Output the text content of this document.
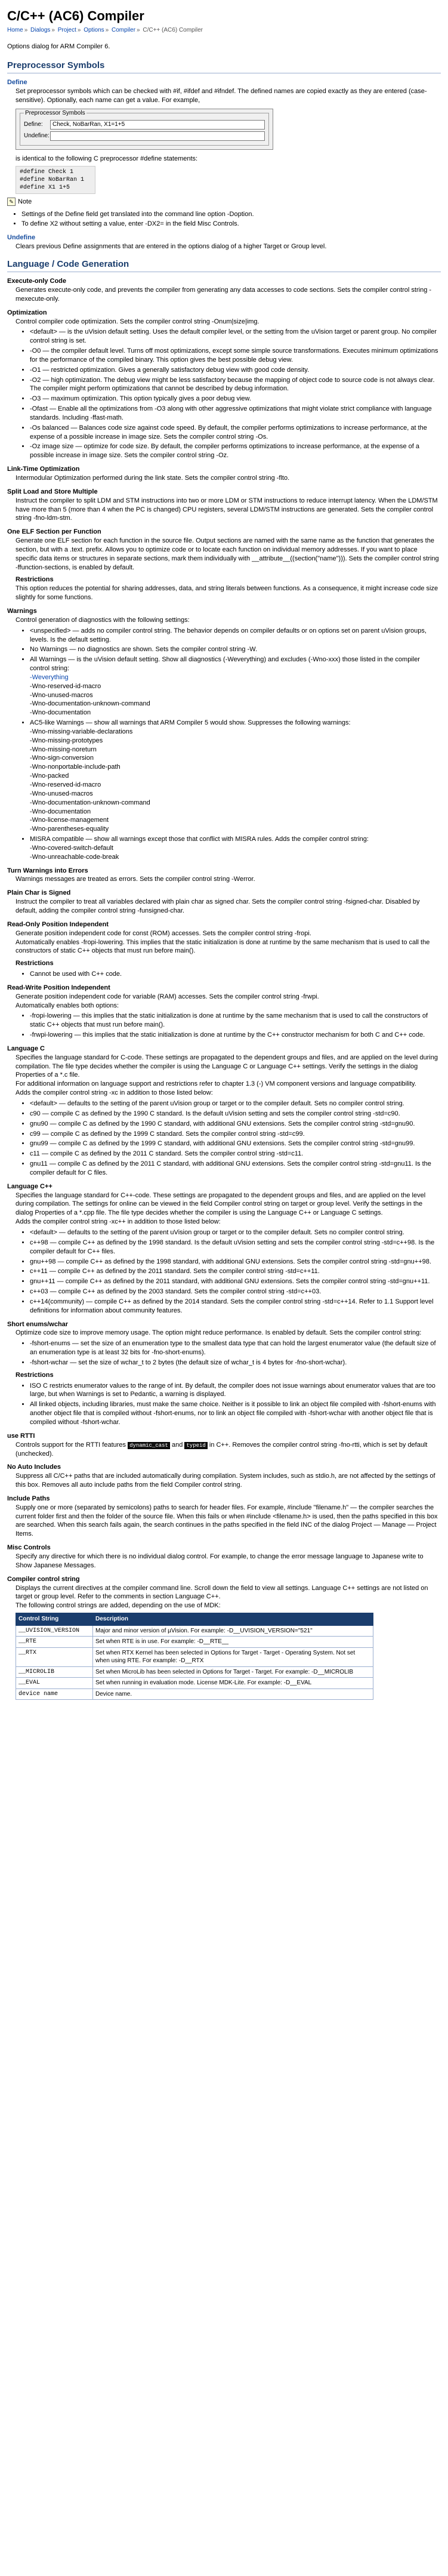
C/C++ (AC6) Compiler
Home » Dialogs » Project » Options » Compiler » C/C++ (AC6) Compiler

Options dialog for ARM Compiler 6.

Preprocessor Symbols
Define
Set preprocessor symbols which can be checked with #if, #ifdef and #ifndef. The defined names are copied exactly as they are entered (case-sensitive). Optionally, each name can get a value. For example,
Preprocessor Symbols
Define:	Check, NoBarRan, X1=1+5
Undefine:
is identical to the following C preprocessor #define statements:
#define Check 1
#define NoBarRan 1
#define X1 1+5
✎ Note
• Settings of the Define field get translated into the command line option -Doption.
• To define X2 without setting a value, enter -DX2= in the field Misc Controls.
Undefine
Clears previous Define assignments that are entered in the options dialog of a higher Target or Group level.
Language / Code Generation
Execute-only Code
Generates execute-only code, and prevents the compiler from generating any data accesses to code sections. Sets the compiler control string -mexecute-only.
Optimization
Control compiler code optimization. Sets the compiler control string -Onum|size|img.
• <default> — is the uVision default setting. Uses the default compiler level, or the setting from the uVision target or parent group. No compiler control string is set.
• -O0 — the compiler default level. Turns off most optimizations, except some simple source transformations. Executes minimum optimizations for the performance of the compiled binary. This option gives the best possible debug view.
• -O1 — restricted optimization. Gives a generally satisfactory debug view with good code density.
• -O2 — high optimization. The debug view might be less satisfactory because the mapping of object code to source code is not always clear. The compiler might perform optimizations that cannot be described by debug information.
• -O3 — maximum optimization. This option typically gives a poor debug view.
• -Ofast — Enable all the optimizations from -O3 along with other aggressive optimizations that might violate strict compliance with language standards. Including -ffast-math.
• -Os balanced — Balances code size against code speed. By default, the compiler performs optimizations to increase performance, at the expense of a possible increase in image size. Sets the compiler control string -Os.
• -Oz image size — optimize for code size. By default, the compiler performs optimizations to increase performance, at the expense of a possible increase in image size. Sets the compiler control string -Oz.
Link-Time Optimization
Intermodular Optimization performed during the link state. Sets the compiler control string -flto.
Split Load and Store Multiple
Instruct the compiler to split LDM and STM instructions into two or more LDM or STM instructions to reduce interrupt latency. When the LDM/STM have more than 5 (more than 4 when the PC is changed) CPU registers, several LDM/STM instructions are generated. Sets the compiler control string -fno-ldm-stm.
One ELF Section per Function
Generate one ELF section for each function in the source file. Output sections are named with the same name as the function that generates the section, but with a .text. prefix. Allows you to optimize code or to locate each function on individual memory addresses. If you want to place specific data items or structures in separate sections, mark them individually with __attribute__((section("name"))). Sets the compiler control string -ffunction-sections, is enabled by default.
Restrictions
This option reduces the potential for sharing addresses, data, and string literals between functions. As a consequence, it might increase code size slightly for some functions.
Warnings
Control generation of diagnostics with the following settings:
• <unspecified> — adds no compiler control string. The behavior depends on compiler defaults or on options set on parent uVision groups, levels. Is the default setting.
• No Warnings — no diagnostics are shown. Sets the compiler control string -W.
• All Warnings — is the uVision default setting. Show all diagnostics (-Weverything) and excludes (-Wno-xxx) those listed in the compiler control string:
-Weverything
-Wno-reserved-id-macro
-Wno-unused-macros
-Wno-documentation-unknown-command
-Wno-documentation
• AC5-like Warnings — show all warnings that ARM Compiler 5 would show. Suppresses the following warnings:
-Wno-missing-variable-declarations
-Wno-missing-prototypes
-Wno-missing-noreturn
-Wno-sign-conversion
-Wno-nonportable-include-path
-Wno-packed
-Wno-reserved-id-macro
-Wno-unused-macros
-Wno-documentation-unknown-command
-Wno-documentation
-Wno-license-management
-Wno-parentheses-equality
• MISRA compatible — show all warnings except those that conflict with MISRA rules. Adds the compiler control string:
-Wno-covered-switch-default
-Wno-unreachable-code-break
Turn Warnings into Errors
Warnings messages are treated as errors. Sets the compiler control string -Werror.
Plain Char is Signed
Instruct the compiler to treat all variables declared with plain char as signed char. Sets the compiler control string -fsigned-char. Disabled by default, adding the compiler control string -funsigned-char.
Read-Only Position Independent
Generate position independent code for const (ROM) accesses. Sets the compiler control string -fropi.
Automatically enables -fropi-lowering. This implies that the static initialization is done at runtime by the same mechanism that is used to call the constructors of static C++ objects that must run before main().
Restrictions
• Cannot be used with C++ code.
Read-Write Position Independent
Generate position independent code for variable (RAM) accesses. Sets the compiler control string -frwpi.
Automatically enables both options:
• -fropi-lowering — this implies that the static initialization is done at runtime by the same mechanism that is used to call the constructors of static C++ objects that must run before main().
• -frwpi-lowering — this implies that the static initialization is done at runtime by the C++ constructor mechanism for both C and C++ code.
Language C
Specifies the language standard for C-code. These settings are propagated to the dependent groups and files, and are applied on the level during compilation. The file type decides whether the compiler is using the Language C or Language C++ settings. Verify the settings in the dialog Properties of a *.c file.
For additional information on language support and restrictions refer to chapter 1.3 (-) VM component versions and language compatibility.
Adds the compiler control string -xc in addition to those listed below:
• <default> — defaults to the setting of the parent uVision group or target or to the compiler default. Sets no compiler control string.
• c90 — compile C as defined by the 1990 C standard. Is the default uVision setting and sets the compiler control string -std=c90.
• gnu90 — compile C as defined by the 1990 C standard, with additional GNU extensions. Sets the compiler control string -std=gnu90.
• c99 — compile C as defined by the 1999 C standard. Sets the compiler control string -std=c99.
• gnu99 — compile C as defined by the 1999 C standard, with additional GNU extensions. Sets the compiler control string -std=gnu99.
• c11 — compile C as defined by the 2011 C standard. Sets the compiler control string -std=c11.
• gnu11 — compile C as defined by the 2011 C standard, with additional GNU extensions. Sets the compiler control string -std=gnu11. Is the compiler default for C files.
Language C++
Specifies the language standard for C++-code. These settings are propagated to the dependent groups and files, and are applied on the level during compilation. The settings for online can be viewed in the field Compiler control string on target or group level. Verify the settings in the dialog Properties of a *.cpp file. The file type decides whether the compiler is using the Language C++ or Language C settings.
Adds the compiler control string -xc++ in addition to those listed below:
• <default> — defaults to the setting of the parent uVision group or target or to the compiler default. Sets no compiler control string.
• c++98 — compile C++ as defined by the 1998 standard. Is the default uVision setting and sets the compiler control string -std=c++98. Is the compiler default for C++ files.
• gnu++98 — compile C++ as defined by the 1998 standard, with additional GNU extensions. Sets the compiler control string -std=gnu++98.
• c++11 — compile C++ as defined by the 2011 standard. Sets the compiler control string -std=c++11.
• gnu++11 — compile C++ as defined by the 2011 standard, with additional GNU extensions. Sets the compiler control string -std=gnu++11.
• c++03 — compile C++ as defined by the 2003 standard. Sets the compiler control string -std=c++03.
• c++14(community) — compile C++ as defined by the 2014 standard. Sets the compiler control string -std=c++14. Refer to 1.1 Support level definitions for information about community features.
Short enums/wchar
Optimize code size to improve memory usage. The option might reduce performance. Is enabled by default. Sets the compiler control string:
• -fshort-enums — set the size of an enumeration type to the smallest data type that can hold the largest enumerator value (the default size of an enumeration type is at least 32 bits for -fno-short-enums).
• -fshort-wchar — set the size of wchar_t to 2 bytes (the default size of wchar_t is 4 bytes for -fno-short-wchar).
Restrictions
• ISO C restricts enumerator values to the range of int. By default, the compiler does not issue warnings about enumerator values that are too large, but when Warnings is set to Pedantic, a warning is displayed.
• All linked objects, including libraries, must make the same choice. Neither is it possible to link an object file compiled with -fshort-enums with another object file that is compiled without -fshort-enums, nor to link an object file compiled with -fshort-wchar with another object file that is compiled without -fshort-wchar.
use RTTI
Controls support for the RTTI features dynamic_cast and typeid in C++. Removes the compiler control string -fno-rtti, which is set by default (unchecked).
No Auto Includes
Suppress all C/C++ paths that are included automatically during compilation. System includes, such as stdio.h, are not affected by the settings of this box. Removes all auto include paths from the field Compiler control string.
Include Paths
Supply one or more (separated by semicolons) paths to search for header files. For example, #include "filename.h" — the compiler searches the current folder first and then the folder of the source file. When this fails or when #include <filename.h> is used, then the paths specified in this box are searched. When this search fails again, the search continues in the paths specified in the field INC of the dialog Project — Manage — Project Items.
Misc Controls
Specify any directive for which there is no individual dialog control. For example, to change the error message language to Japanese write to Show Japanese Messages.
Compiler control string
Displays the current directives at the compiler command line. Scroll down the field to view all settings. Language C++ settings are not listed on target or group level. Refer to the comments in section Language C++.
The following control strings are added, depending on the use of MDK:
Control String	Description
__UVISION_VERSION	Major and minor version of µVision. For example: -D__UVISION_VERSION="521"
__RTE	Set when RTE is in use. For example: -D__RTE__
__RTX	Set when RTX Kernel has been selected in Options for Target - Target - Operating System. Not set when using RTE. For example: -D__RTX
__MICROLIB	Set when MicroLib has been selected in Options for Target - Target. For example: -D__MICROLIB
__EVAL	Set when running in evaluation mode. License MDK-Lite. For example: -D__EVAL
device name	Device name.
